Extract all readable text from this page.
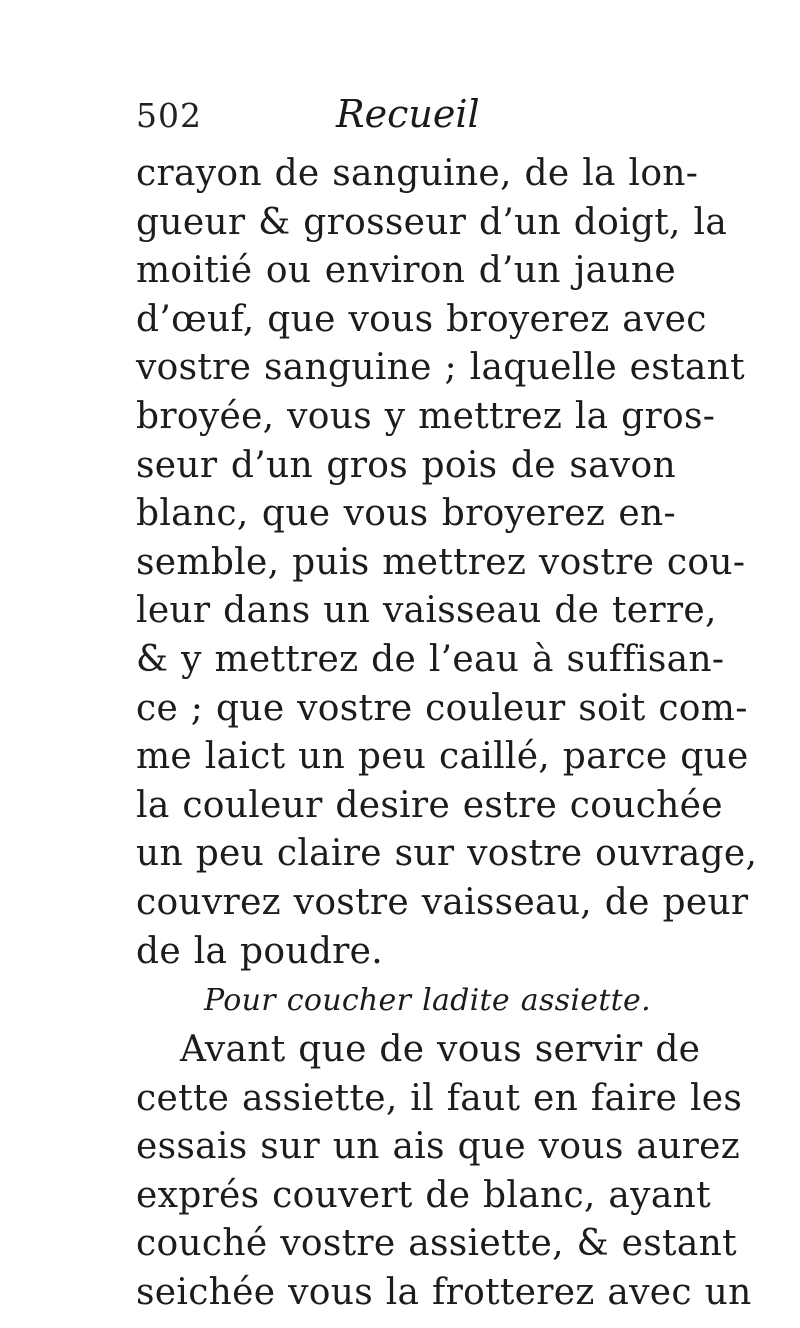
502	Recueil
crayon de sanguine, de la lon-
gueur & grosseur d’un doigt, la
moitié ou environ d’un jaune
d’œuf, que vous broyerez avec
vostre sanguine ; laquelle estant
broyée, vous y mettrez la gros-
seur d’un gros pois de savon
blanc, que vous broyerez en-
semble, puis mettrez vostre cou-
leur dans un vaisseau de terre,
& y mettrez de l’eau à suffisan-
ce ; que vostre couleur soit com-
me laict un peu caillé, parce que
la couleur desire estre couchée
un peu claire sur vostre ouvrage,
couvrez vostre vaisseau, de peur
de la poudre.
Pour coucher ladite assiette.
Avant que de vous servir de
cette assiette, il faut en faire les
essais sur un ais que vous aurez
exprés couvert de blanc, ayant
couché vostre assiette, & estant
seichée vous la frotterez avec un
